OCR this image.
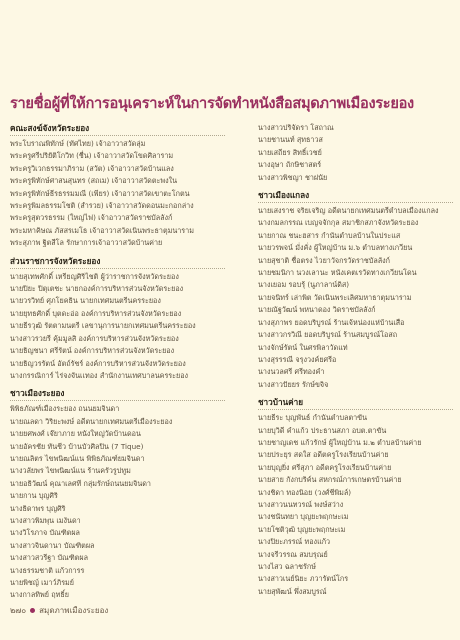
รายชื่อผู้ที่ให้การอนุเคราะห์ในการจัดทำหนังสือสมุดภาพเมืองระยอง
คณะสงฆ์จังหวัดระยอง
พระโบราณพิทักษ์ (ทัศไทย) เจ้าอาวาสวัดลุ่ม
พระครูศรีปริยัติโกวิท (ชื่น) เจ้าอาวาสวัดโขดศิลาราม
พระครูวิเวกธรรมาภิราม (สวัต) เจ้าอาวาสวัดบ้านแลง
พระครูพิทักษ์ศาสนสุนทร (สถเม) เจ้าอาวาสวัดตะพงใน
พระครูพิทักษ์ธีรธรรมมณี (เพียร) เจ้าอาวาสวัดเขาตะโกตน
พระครูพิมลธรรมโชติ (สำรวย) เจ้าอาวาสวัดดอนมะกอกล่าง
พระครูสุตวรธรรม (ใหญ่ไฟ) เจ้าอาวาสวัดราชบัลลังก์
พระมหาคิษณ ภัสสรเมโธ เจ้าอาวาสวัดเนินพระธาตุมนาราม
พระสุภาพ ฐิตสีโล รักษาการเจ้าอาวาสวัดบ้านค่าย
ส่วนราชการจังหวัดระยอง
นายสุเทพศักดิ์ เหรียญศิริไชติ ผู้ว่าราชการจังหวัดระยอง
นายปิยะ ปิตุเตชะ นายกองค์การบริหารส่วนจังหวัดระยอง
นายวรวิทย์ ศุภโยคธิน นายกเทศมนตรีนครระยอง
นายยุทธศักดิ์ บุตดะอ่อ องค์การบริหารส่วนจังหวัดระยอง
นายธีรวุฒิ รัตตามนตรี เลขานุการนายกเทศมนตรีนครระยอง
นางสาวรวยรี คุ้มมูลสิ องค์การบริหารส่วนจังหวัดระยอง
นายธิญชนา ศรีรัตน์ องค์การบริหารส่วนจังหวัดระยอง
นายธิญวรรัตน์ อัตถ์รัชร์ องค์การบริหารส่วนจังหวัดระยอง
นางกรรณิการ์ ไร่จงจันเเทอง สำนักงานเทศบาลนครระยอง
ชาวเมืองระยอง
พิพิธภัณฑ์เมืองระยอง ถนนยมจินดา
นายณลดา วิริยะพงษ์ อดีตนายกเทศมนตรีเมืองระยอง
นายยศพงศ์ เจ๊ยาภาย หนังใหญ่วัดบ้านดอน
นายอัครชัย ทันชีว บ้านบัวศิลปิน (7 Tique)
นายณลิตร ไขพนิฒน์แน พิพิธภัณฑ์ยมจินดา
นางวลัยพร ไขพนิฒน์แน ร้านครัวรูปทูม
นายอธิวัฒน์ คุณาเลศที กลุ่มรักษ์ถนนยมจินดา
นายกาน บุญศิริ
นางธิดาพร บุญศิริ
นางสาวพิมพุน เมงันดา
นางวิโรภาจ บัณฑิตผล
นางสาวจินดานา บัณฑิตผล
นางสาวสวรีฐา บัณฑิตผล
นางธรรมชาติ แก้วการร
นายพิชญ์ เมาว์ภิรมย์
นางกาลทิพย์ ฤทธิ์ย
นางสาวปริจัดรา โสถาณ
นายชานนท์ สุทธาวส
นายเสถียร สิทธิ์เวชย์
นางอุษา ถักษิชาสตร์
นางสาวพิชญา ชาฝนัย
ชาวเมืองแกลง
นายเสงราช จริยเจริญ อดีตนายกเทศมนตรีตำบลเมืองแกลง
นางกมลกรรณ เบญจจักกุล สมาชิกสภาจังหวัดระยอง
นายกาณ ชนะฮสาร กำนันตำบลบ้านในประแส
นายวรพจน์ มั่งคั่ง ผู้ใหญ่บ้าน ม.๖ ตำบลทางเกวียน
นายสุชาติ ชื่อตรง ไวยาวัจกรวัดราชบัลลังก์
นายชมนิกา นวงเลานะ หนังเคตเรวัดทางเกวียนโดน
นางเยอม รอบรุ้ (นูภาลาน์ดิส)
นายจนิทร์ เล่าพิต วัดเนินพระเลิศมหาธาตุมนาราม
นายณัฐวัฒน์ พหนาดอง วิดราชบัลลังก์
นางสุภาพร ยอดบริบูรณ์ ร้านเจ้หน่องแห่บ้านเสือ
นางสาวกรวิณี ยอดบริบูรณ์ ร้านสมบูรณ์โอสถ
นางจักษ์รัตน์ ในศรพิลาวัดแท่
นางสุรรรณี จรุงวงค์ยศรีอ
นางนวลศรี ศรีทองคำ
นางสาวปัยยร รักษ์ขจิจ
ชาวบ้านค่าย
นายธีระ บุญพันธ์ กำนันตำบลตาขัน
นายบุวิดี คำแก้ว ประธานสภา อบต.ตาขัน
นายชาญเดช แก้วรักษ์ ผู้ใหญ่บ้าน ม.๒ ตำบลบ้านค่าย
นายประยุร สดใส อดีตครูโรงเรียนบ้านค่าย
นายบุญยิ่ง ศรีสุภา อดีตครูโรงเรียนบ้านค่าย
นายสาย กังกบริค์น สหกรณ์การเกษตรบ้านค่าย
นางชิดา ทองนิอย (วงศ์ชีพิมล์)
นางสาวนนทวรณ์ พงษ์สว่าง
นางชนันทยา บุญยะพฤกษะเม
นายโชติวุฒิ บุญยะพฤกษะเม
นางปิยะภรรณ์ ทองแก้ว
นางจรีวรรณ สมบรุณย์
นางไสว ฉลาชรักษ์
นางสาวเนย์นิยะ ภวารัตน์โกร
นายสุพัฒน์ พึ่งสมบูรณ์
๒๗๐ สมุดภาพเมืองระยอง
